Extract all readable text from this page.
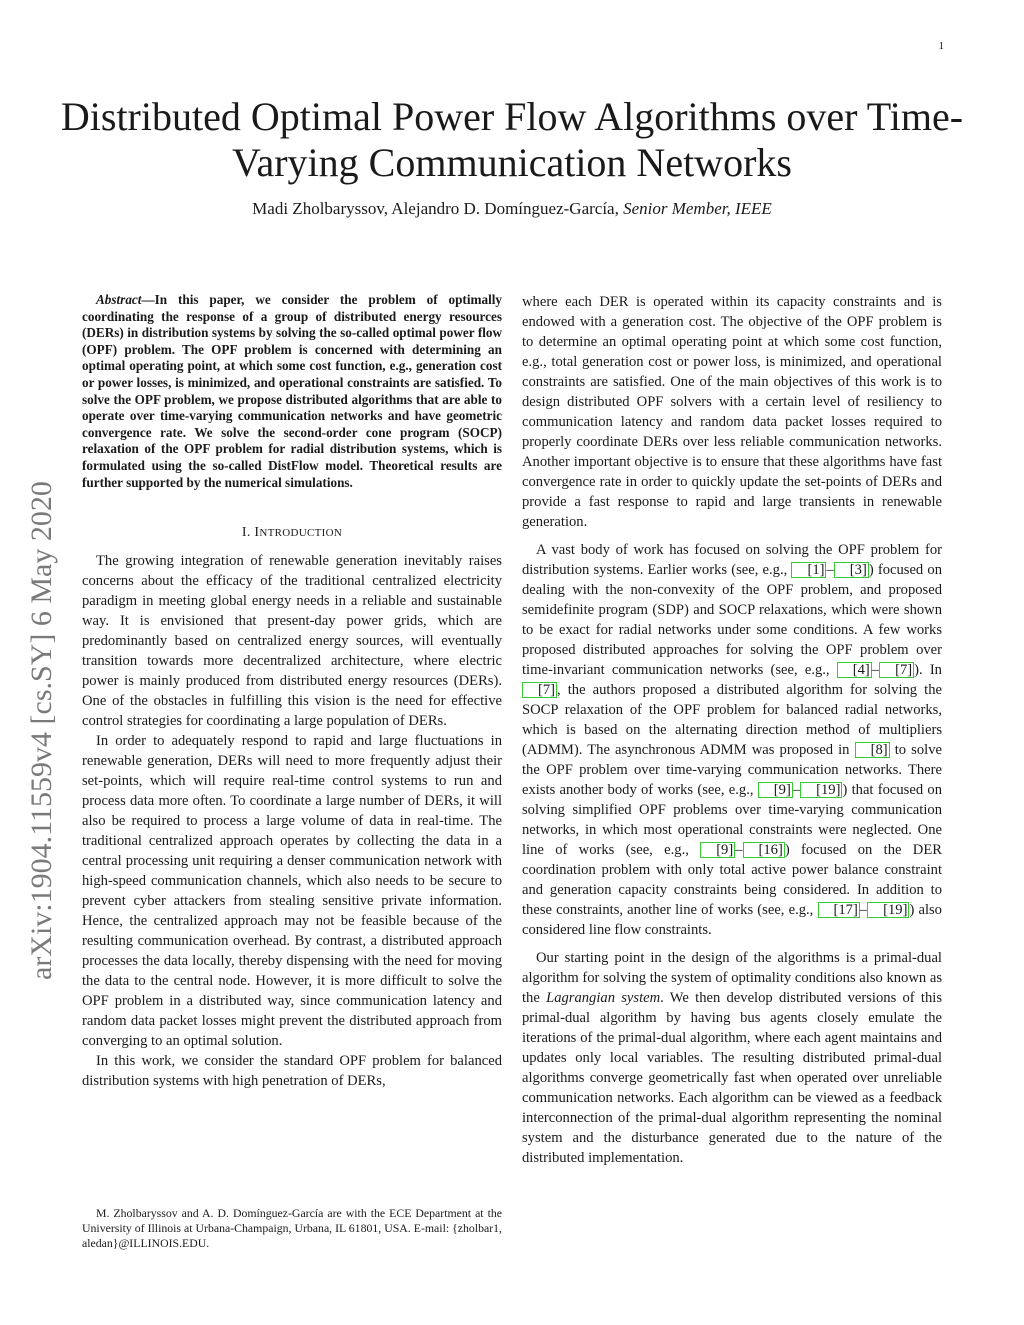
1
arXiv:1904.11559v4 [cs.SY] 6 May 2020
Distributed Optimal Power Flow Algorithms over Time-Varying Communication Networks
Madi Zholbaryssov, Alejandro D. Domínguez-García, Senior Member, IEEE

Abstract—In this paper, we consider the problem of optimally coordinating the response of a group of distributed energy resources (DERs) in distribution systems by solving the so-called optimal power flow (OPF) problem. The OPF problem is concerned with determining an optimal operating point, at which some cost function, e.g., generation cost or power losses, is minimized, and operational constraints are satisfied. To solve the OPF problem, we propose distributed algorithms that are able to operate over time-varying communication networks and have geometric convergence rate. We solve the second-order cone program (SOCP) relaxation of the OPF problem for radial distribution systems, which is formulated using the so-called DistFlow model. Theoretical results are further supported by the numerical simulations.

I. INTRODUCTION

The growing integration of renewable generation inevitably raises concerns about the efficacy of the traditional centralized electricity paradigm in meeting global energy needs in a reliable and sustainable way. It is envisioned that present-day power grids, which are predominantly based on centralized energy sources, will eventually transition towards more decentralized architecture, where electric power is mainly produced from distributed energy resources (DERs). One of the obstacles in fulfilling this vision is the need for effective control strategies for coordinating a large population of DERs.

In order to adequately respond to rapid and large fluctuations in renewable generation, DERs will need to more frequently adjust their set-points, which will require real-time control systems to run and process data more often. To coordinate a large number of DERs, it will also be required to process a large volume of data in real-time. The traditional centralized approach operates by collecting the data in a central processing unit requiring a denser communication network with high-speed communication channels, which also needs to be secure to prevent cyber attackers from stealing sensitive private information. Hence, the centralized approach may not be feasible because of the resulting communication overhead. By contrast, a distributed approach processes the data locally, thereby dispensing with the need for moving the data to the central node. However, it is more difficult to solve the OPF problem in a distributed way, since communication latency and random data packet losses might prevent the distributed approach from converging to an optimal solution.

In this work, we consider the standard OPF problem for balanced distribution systems with high penetration of DERs,

M. Zholbaryssov and A. D. Domínguez-García are with the ECE Department at the University of Illinois at Urbana-Champaign, Urbana, IL 61801, USA. E-mail: {zholbar1, aledan}@ILLINOIS.EDU.

where each DER is operated within its capacity constraints and is endowed with a generation cost. The objective of the OPF problem is to determine an optimal operating point at which some cost function, e.g., total generation cost or power loss, is minimized, and operational constraints are satisfied. One of the main objectives of this work is to design distributed OPF solvers with a certain level of resiliency to communication latency and random data packet losses required to properly coordinate DERs over less reliable communication networks. Another important objective is to ensure that these algorithms have fast convergence rate in order to quickly update the set-points of DERs and provide a fast response to rapid and large transients in renewable generation.

A vast body of work has focused on solving the OPF problem for distribution systems. Earlier works (see, e.g., [1] – [3] ) focused on dealing with the non-convexity of the OPF problem, and proposed semidefinite program (SDP) and SOCP relaxations, which were shown to be exact for radial networks under some conditions. A few works proposed distributed approaches for solving the OPF problem over time-invariant communication networks (see, e.g., [4] – [7] ). In [7] , the authors proposed a distributed algorithm for solving the SOCP relaxation of the OPF problem for balanced radial networks, which is based on the alternating direction method of multipliers (ADMM). The asynchronous ADMM was proposed in [8] to solve the OPF problem over time-varying communication networks. There exists another body of works (see, e.g., [9] – [19] ) that focused on solving simplified OPF problems over time-varying communication networks, in which most operational constraints were neglected. One line of works (see, e.g., [9] – [16] ) focused on the DER coordination problem with only total active power balance constraint and generation capacity constraints being considered. In addition to these constraints, another line of works (see, e.g., [17] – [19] ) also considered line flow constraints.

Our starting point in the design of the algorithms is a primal-dual algorithm for solving the system of optimality conditions also known as the Lagrangian system. We then develop distributed versions of this primal-dual algorithm by having bus agents closely emulate the iterations of the primal-dual algorithm, where each agent maintains and updates only local variables. The resulting distributed primal-dual algorithms converge geometrically fast when operated over unreliable communication networks. Each algorithm can be viewed as a feedback interconnection of the primal-dual algorithm representing the nominal system and the disturbance generated due to the nature of the distributed implementation.
